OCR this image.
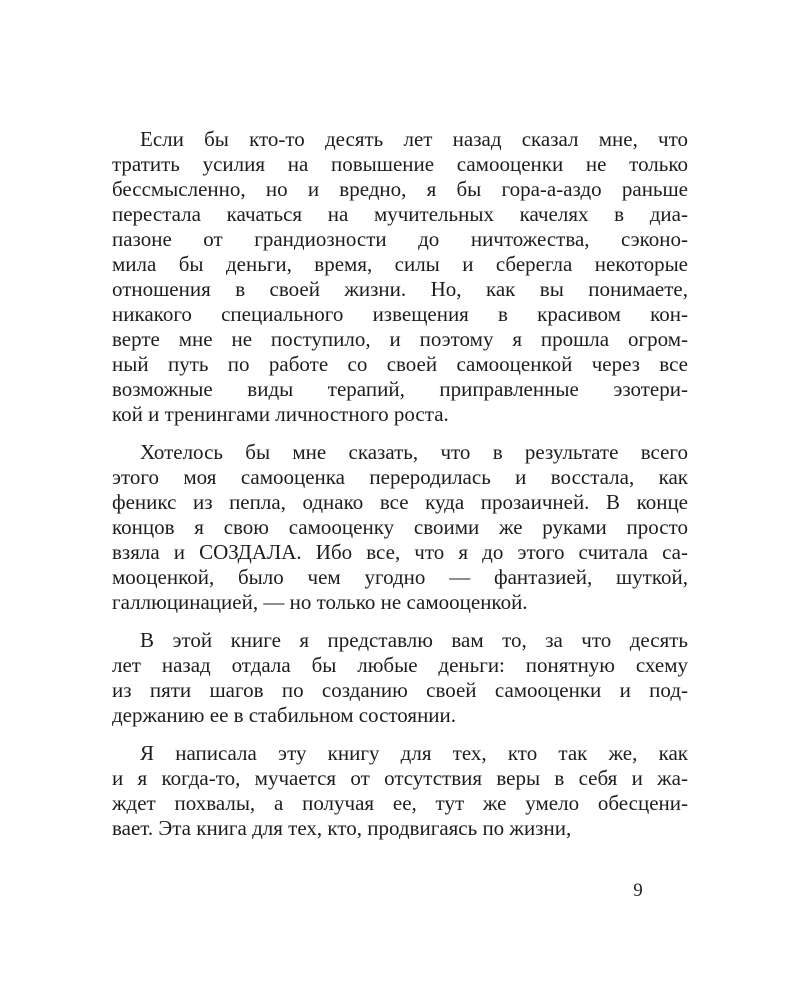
Если бы кто-то десять лет назад сказал мне, что
тратить усилия на повышение самооценки не только
бессмысленно, но и вредно, я бы гора-а-аздо раньше
перестала качаться на мучительных качелях в диа-
пазоне от грандиозности до ничтожества, сэконо-
мила бы деньги, время, силы и сберегла некоторые
отношения в своей жизни. Но, как вы понимаете,
никакого специального извещения в красивом кон-
верте мне не поступило, и поэтому я прошла огром-
ный путь по работе со своей самооценкой через все
возможные виды терапий, приправленные эзотери-
кой и тренингами личностного роста.
Хотелось бы мне сказать, что в результате всего
этого моя самооценка переродилась и восстала, как
феникс из пепла, однако все куда прозаичней. В конце
концов я свою самооценку своими же руками просто
взяла и СОЗДАЛА. Ибо все, что я до этого считала са-
мооценкой, было чем угодно — фантазией, шуткой,
галлюцинацией, — но только не самооценкой.
В этой книге я представлю вам то, за что десять
лет назад отдала бы любые деньги: понятную схему
из пяти шагов по созданию своей самооценки и под-
держанию ее в стабильном состоянии.
Я написала эту книгу для тех, кто так же, как
и я когда-то, мучается от отсутствия веры в себя и жа-
ждет похвалы, а получая ее, тут же умело обесцени-
вает. Эта книга для тех, кто, продвигаясь по жизни,
9
